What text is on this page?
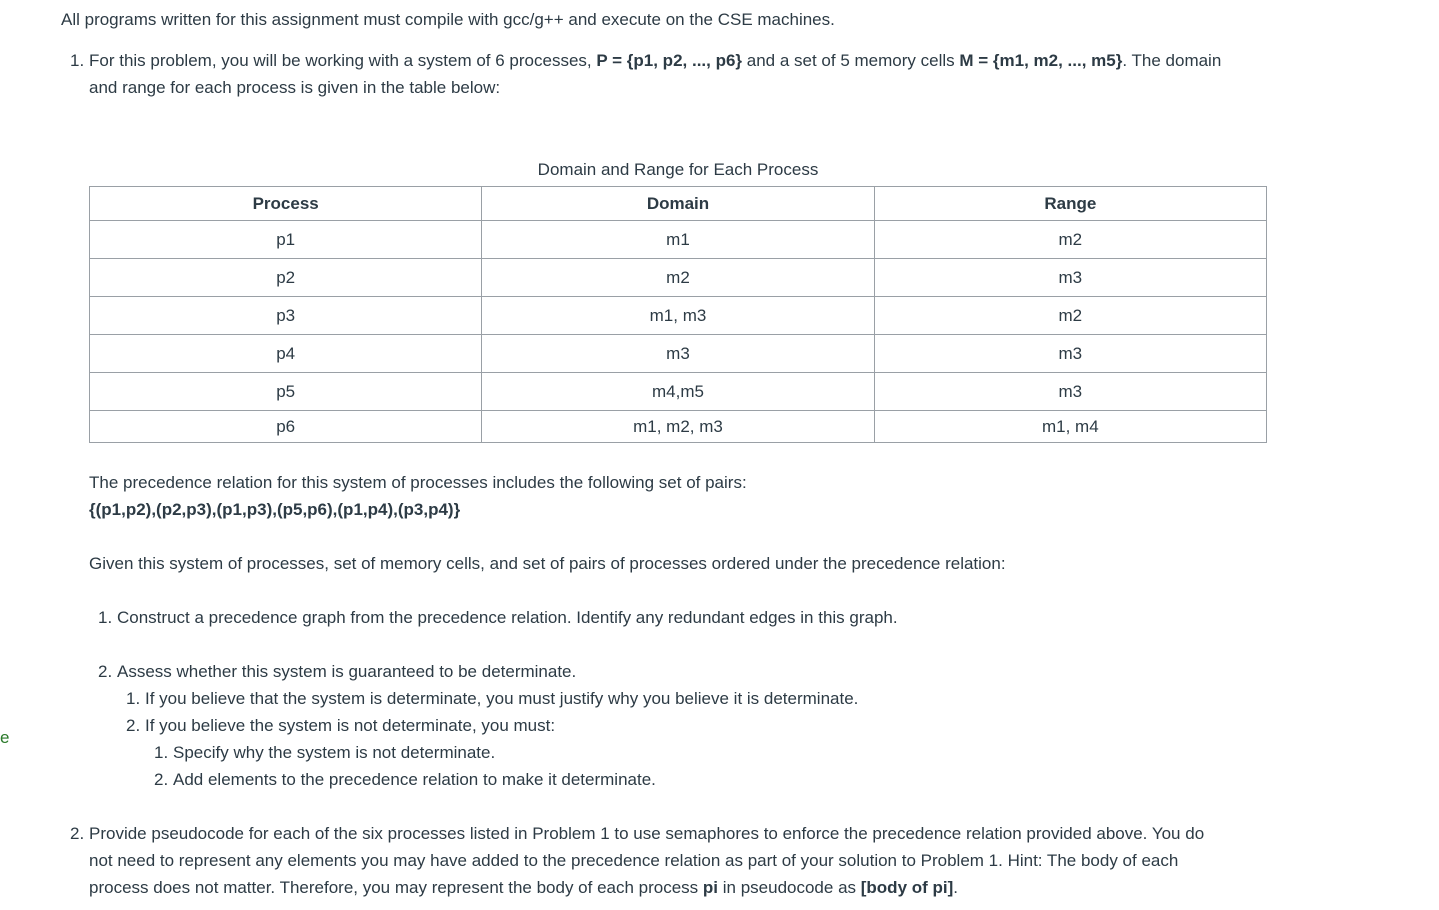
All programs written for this assignment must compile with gcc/g++ and execute on the CSE machines.
1. For this problem, you will be working with a system of 6 processes, P = {p1, p2, ..., p6} and a set of 5 memory cells M = {m1, m2, ..., m5}. The domain
and range for each process is given in the table below:
Domain and Range for Each Process
Process	Domain	Range
p1	m1	m2
p2	m2	m3
p3	m1, m3	m2
p4	m3	m3
p5	m4,m5	m3
p6	m1, m2, m3	m1, m4
The precedence relation for this system of processes includes the following set of pairs:
{(p1,p2),(p2,p3),(p1,p3),(p5,p6),(p1,p4),(p3,p4)}
Given this system of processes, set of memory cells, and set of pairs of processes ordered under the precedence relation:
1. Construct a precedence graph from the precedence relation. Identify any redundant edges in this graph.
2. Assess whether this system is guaranteed to be determinate.
1. If you believe that the system is determinate, you must justify why you believe it is determinate.
2. If you believe the system is not determinate, you must:
1. Specify why the system is not determinate.
2. Add elements to the precedence relation to make it determinate.
e
2. Provide pseudocode for each of the six processes listed in Problem 1 to use semaphores to enforce the precedence relation provided above. You do
not need to represent any elements you may have added to the precedence relation as part of your solution to Problem 1. Hint: The body of each
process does not matter. Therefore, you may represent the body of each process pi in pseudocode as [body of pi].
